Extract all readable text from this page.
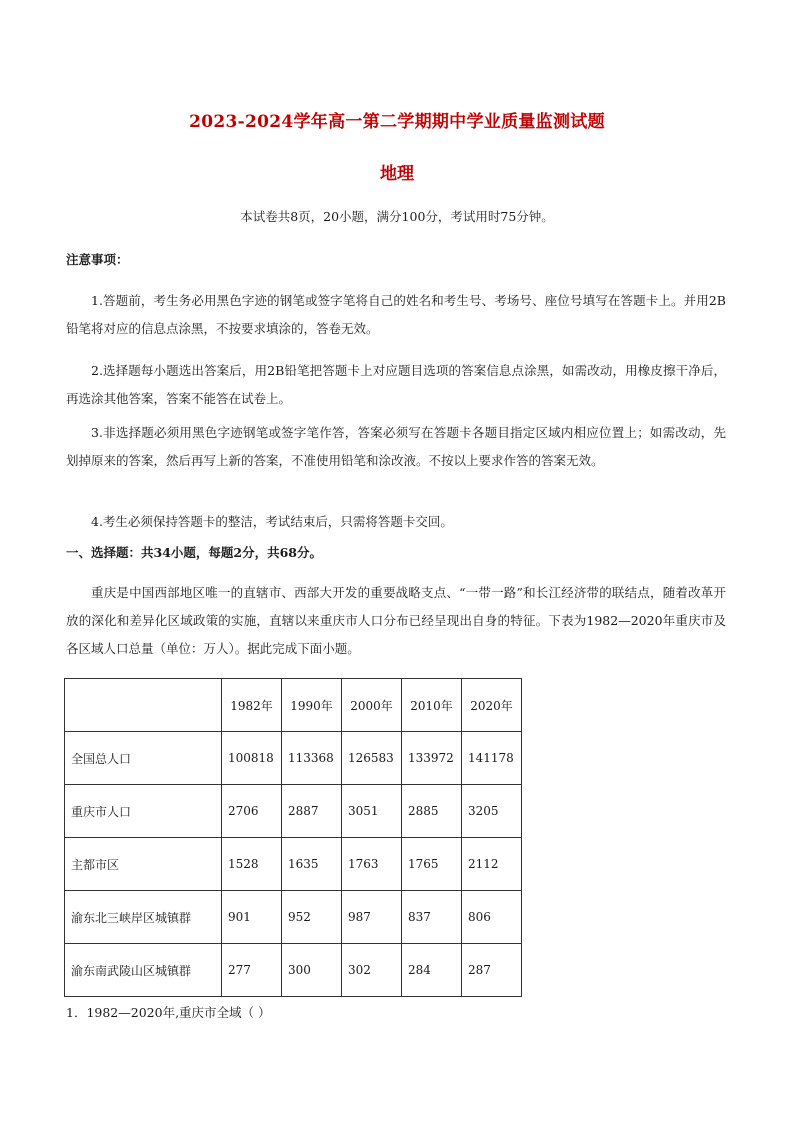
2023-2024学年高一第二学期期中学业质量监测试题
地理
本试卷共8页，20小题，满分100分，考试用时75分钟。
注意事项：
1.答题前，考生务必用黑色字迹的钢笔或签字笔将自己的姓名和考生号、考场号、座位号填写在答题卡上。并用2B铅笔将对应的信息点涂黑，不按要求填涂的，答卷无效。
2.选择题每小题选出答案后，用2B铅笔把答题卡上对应题目选项的答案信息点涂黑，如需改动，用橡皮擦干净后，再选涂其他答案，答案不能答在试卷上。
3.非选择题必须用黑色字迹钢笔或签字笔作答，答案必须写在答题卡各题目指定区域内相应位置上；如需改动，先划掉原来的答案，然后再写上新的答案，不准使用铅笔和涂改液。不按以上要求作答的答案无效。
4.考生必须保持答题卡的整洁，考试结束后，只需将答题卡交回。
一、选择题：共34小题，每题2分，共68分。
重庆是中国西部地区唯一的直辖市、西部大开发的重要战略支点、“一带一路”和长江经济带的联结点，随着改革开放的深化和差异化区域政策的实施，直辖以来重庆市人口分布已经呈现出自身的特征。下表为1982—2020年重庆市及各区域人口总量（单位：万人）。据此完成下面小题。
	1982年	1990年	2000年	2010年	2020年
全国总人口	100818	113368	126583	133972	141178
重庆市人口	2706	2887	3051	2885	3205
主都市区	1528	1635	1763	1765	2112
渝东北三峡岸区城镇群	901	952	987	837	806
渝东南武陵山区城镇群	277	300	302	284	287
1．1982—2020年,重庆市全域（ ）
